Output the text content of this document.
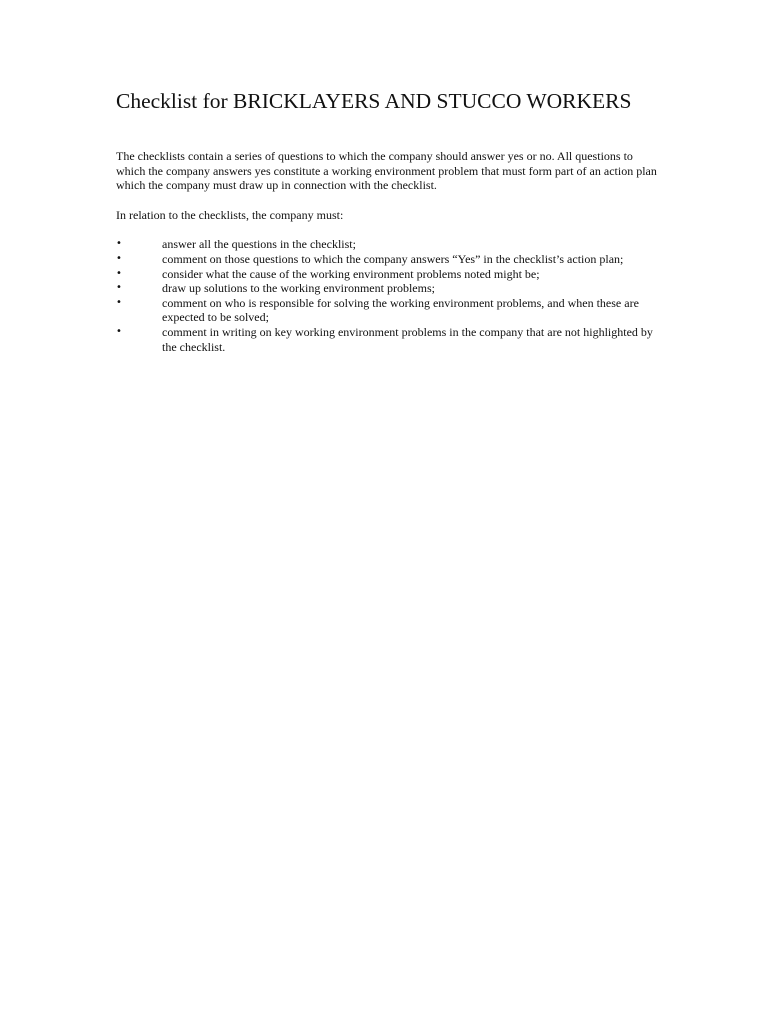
Checklist for BRICKLAYERS AND STUCCO WORKERS

The checklists contain a series of questions to which the company should answer yes or no. All questions to which the company answers yes constitute a working environment problem that must form part of an action plan which the company must draw up in connection with the checklist.

In relation to the checklists, the company must:

•	answer all the questions in the checklist;
•	comment on those questions to which the company answers “Yes” in the checklist’s action plan;
•	consider what the cause of the working environment problems noted might be;
•	draw up solutions to the working environment problems;
•	comment on who is responsible for solving the working environment problems, and when these are expected to be solved;
•	comment in writing on key working environment problems in the company that are not highlighted by the checklist.
